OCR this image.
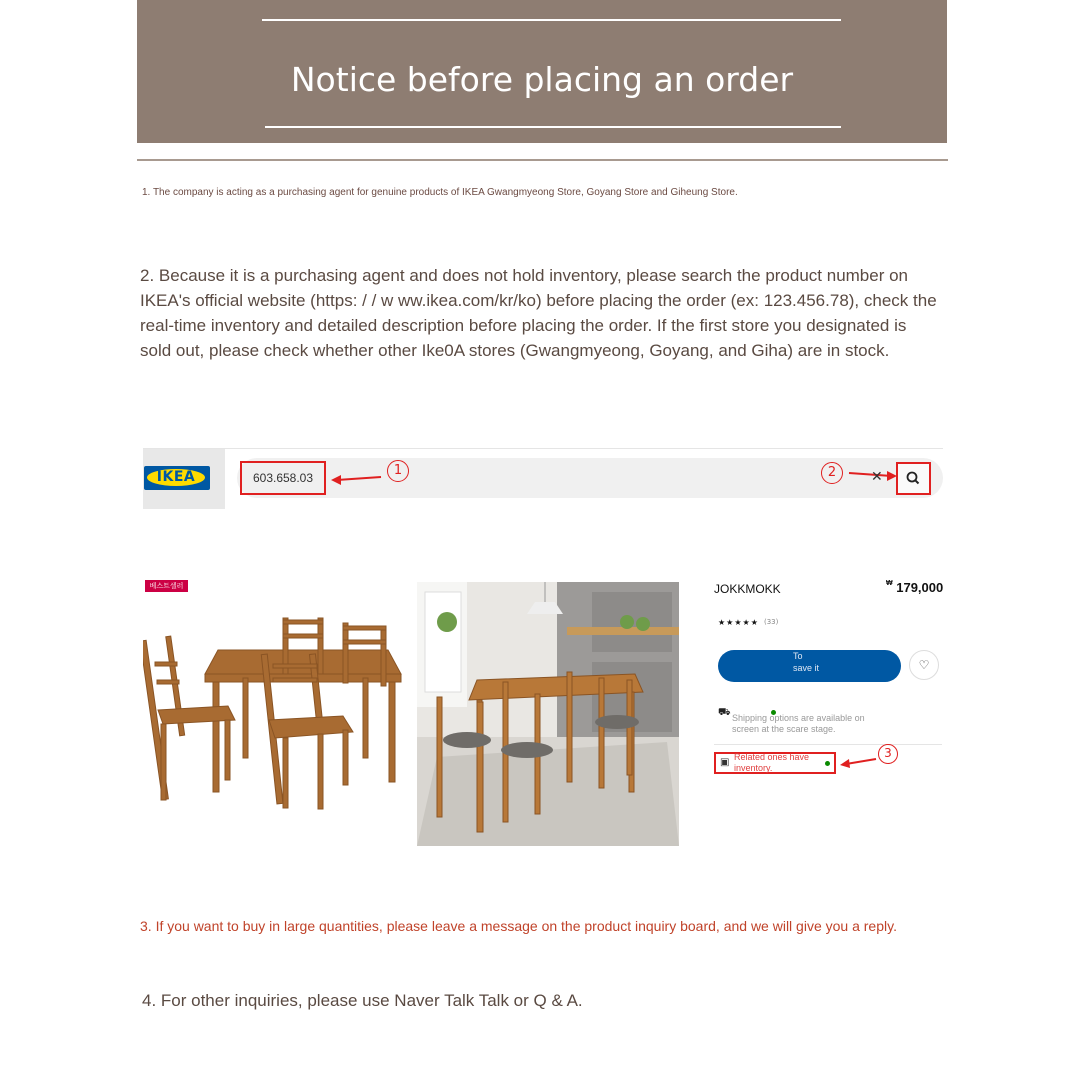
Notice before placing an order
1. The company is acting as a purchasing agent for genuine products of IKEA Gwangmyeong Store, Goyang Store and Giheung Store.
2. Because it is a purchasing agent and does not hold inventory, please search the product number on IKEA's official website (https: / / w ww.ikea.com/kr/ko) before placing the order (ex: 123.456.78), check the real-time inventory and detailed description before placing the order. If the first store you designated is sold out, please check whether other Ike0A stores (Gwangmyeong, Goyang, and Giha) are in stock.
IKEA	603.658.03	1	2	✕
베스트셀러	JOKKMOKK	₩ 179,000
★★★★★ (33)
To save it	♡
⛟ Shipping options are available on screen at the scare stage.
▣ Related ones have inventory.
3
3. If you want to buy in large quantities, please leave a message on the product inquiry board, and we will give you a reply.
4. For other inquiries, please use Naver Talk Talk or Q & A.
